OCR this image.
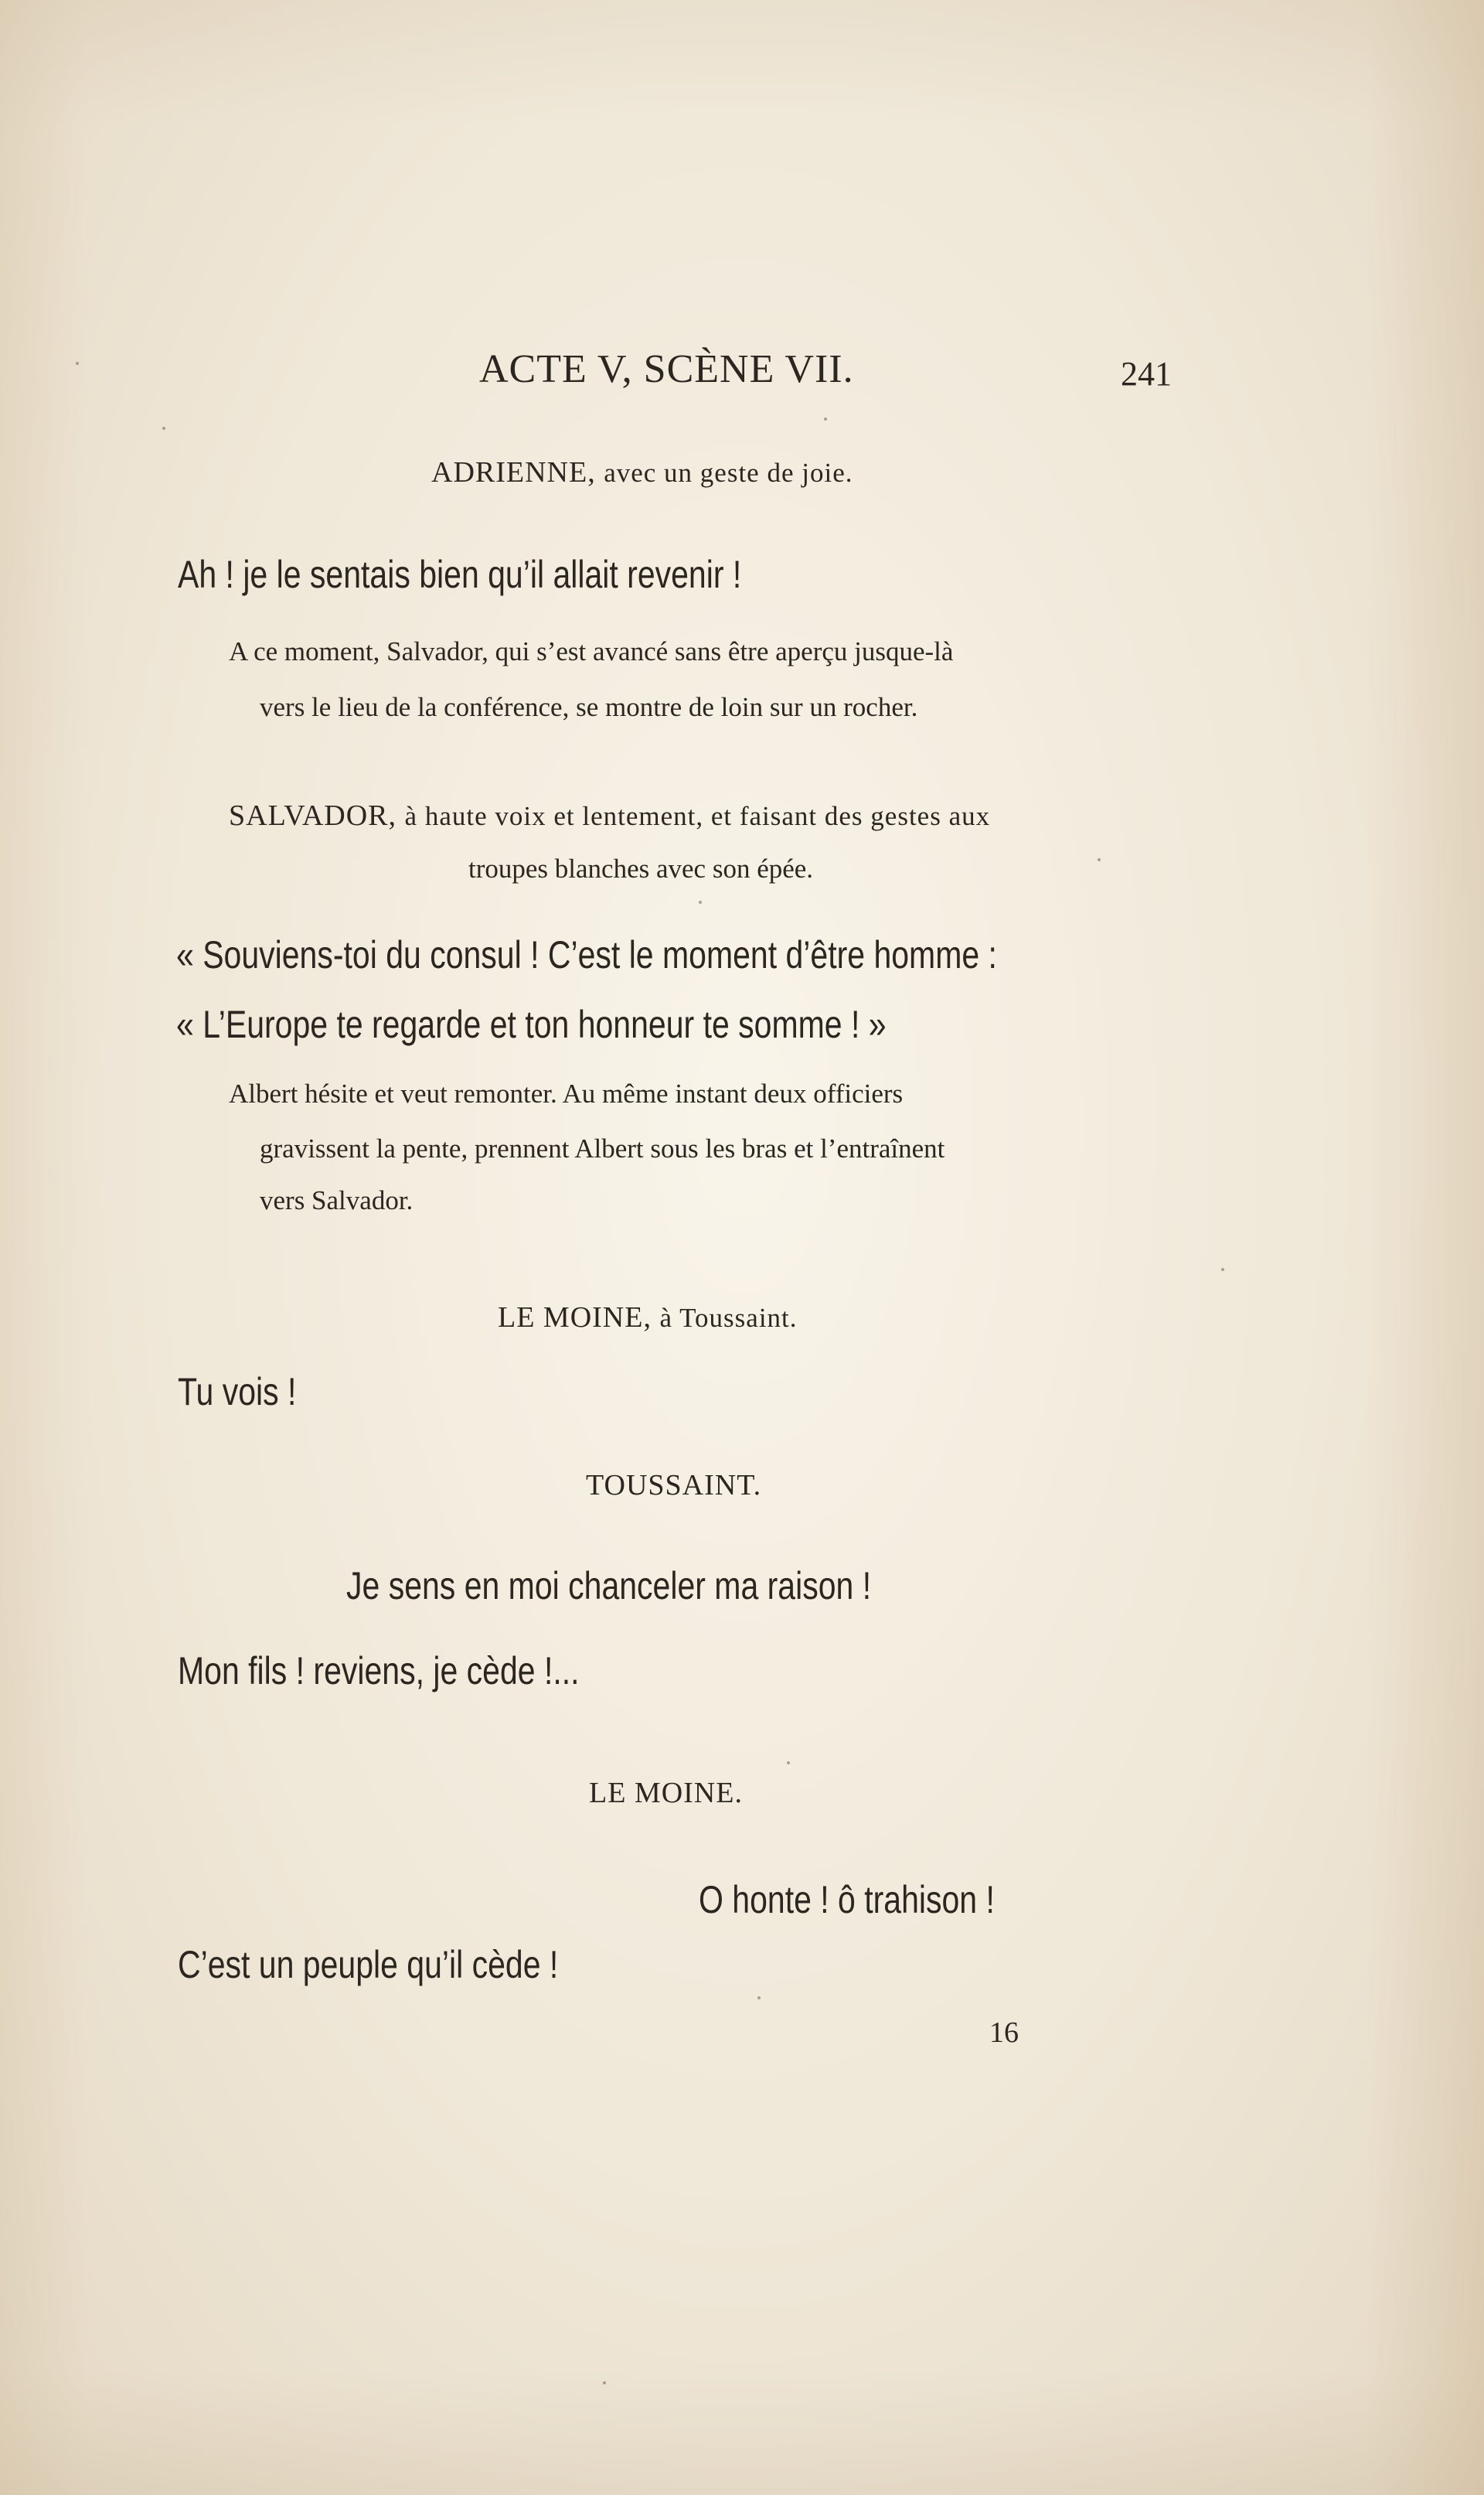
ACTE V, SCÈNE VII.	241
ADRIENNE, avec un geste de joie.
Ah ! je le sentais bien qu’il allait revenir !
A ce moment, Salvador, qui s’est avancé sans être aperçu jusque-là
vers le lieu de la conférence, se montre de loin sur un rocher.
SALVADOR, à haute voix et lentement, et faisant des gestes aux
troupes blanches avec son épée.
« Souviens-toi du consul ! C’est le moment d’être homme :
« L’Europe te regarde et ton honneur te somme ! »
Albert hésite et veut remonter. Au même instant deux officiers
gravissent la pente, prennent Albert sous les bras et l’entraînent
vers Salvador.
LE MOINE, à Toussaint.
Tu vois !
TOUSSAINT.
Je sens en moi chanceler ma raison !
Mon fils ! reviens, je cède !...
LE MOINE.
O honte ! ô trahison !
C’est un peuple qu’il cède !
16
